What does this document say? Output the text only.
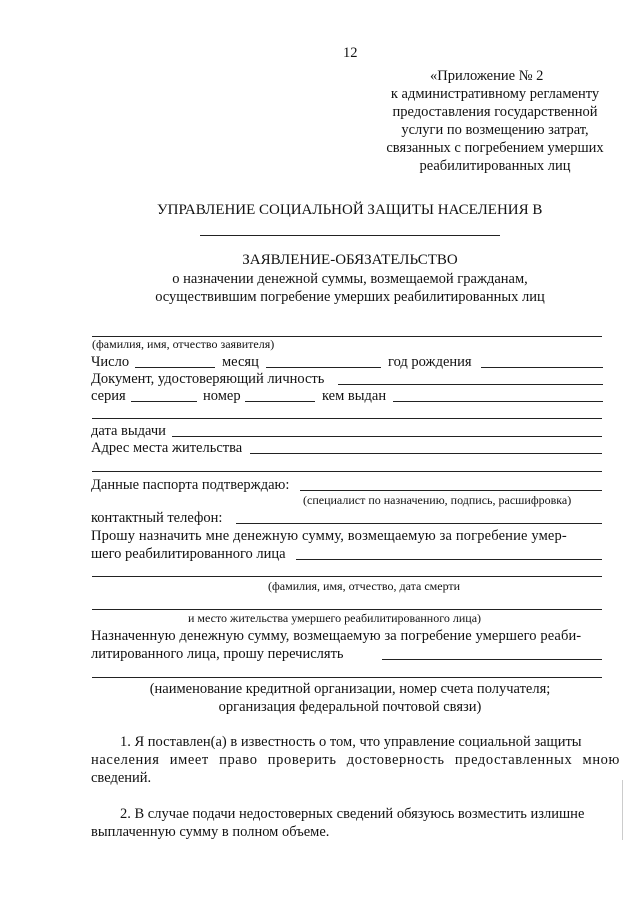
12
«Приложение № 2
к административному регламенту
предоставления государственной
услуги по возмещению затрат,
связанных с погребением умерших
реабилитированных лиц
УПРАВЛЕНИЕ СОЦИАЛЬНОЙ ЗАЩИТЫ НАСЕЛЕНИЯ В
ЗАЯВЛЕНИЕ-ОБЯЗАТЕЛЬСТВО
о назначении денежной суммы, возмещаемой гражданам,
осуществившим погребение умерших реабилитированных лиц
(фамилия, имя, отчество заявителя)
Число	месяц	год рождения
Документ, удостоверяющий личность
серия	номер	кем выдан
дата выдачи
Адрес места жительства
Данные паспорта подтверждаю:
(специалист по назначению, подпись, расшифровка)
контактный телефон:
Прошу назначить мне денежную сумму, возмещаемую за погребение умер-
шего реабилитированного лица
(фамилия, имя, отчество, дата смерти
и место жительства умершего реабилитированного лица)
Назначенную денежную сумму, возмещаемую за погребение умершего реаби-
литированного лица, прошу перечислять
(наименование кредитной организации, номер счета получателя;
организация федеральной почтовой связи)
1. Я поставлен(а) в известность о том, что управление социальной защиты
населения имеет право проверить достоверность предоставленных мною
сведений.
2. В случае подачи недостоверных сведений обязуюсь возместить излишне
выплаченную сумму в полном объеме.
